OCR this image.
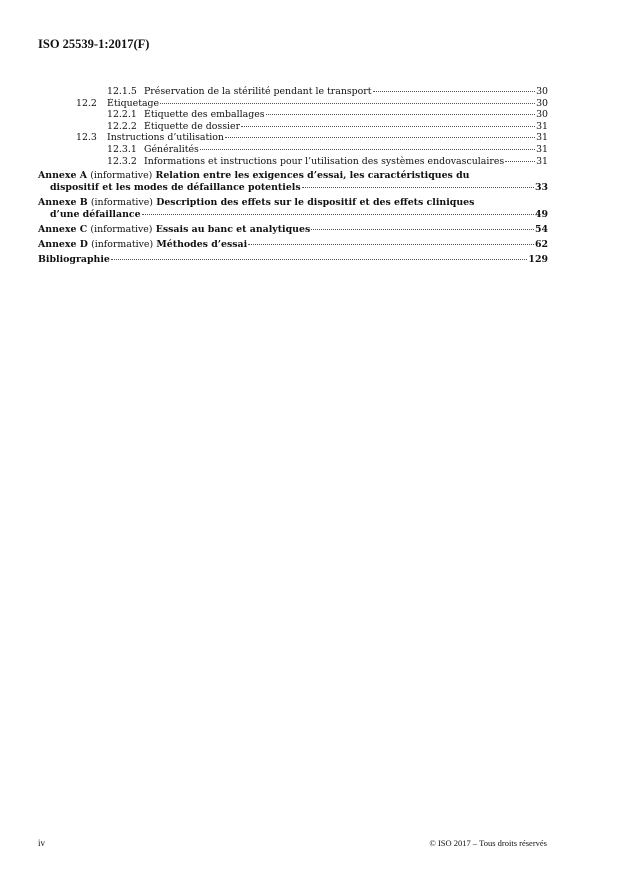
ISO 25539-1:2017(F)
12.1.5 Préservation de la stérilité pendant le transport	30
12.2	Étiquetage	30
12.2.1 Étiquette des emballages	30
12.2.2 Étiquette de dossier	31
12.3	Instructions d’utilisation	31
12.3.1 Généralités	31
12.3.2 Informations et instructions pour l’utilisation des systèmes endovasculaires	31
Annexe A (informative) Relation entre les exigences d’essai, les caractéristiques du
dispositif et les modes de défaillance potentiels	33
Annexe B (informative) Description des effets sur le dispositif et des effets cliniques
d’une défaillance	49
Annexe C (informative) Essais au banc et analytiques	54
Annexe D (informative) Méthodes d’essai	62
Bibliographie	129
iv	© ISO 2017 – Tous droits réservés
